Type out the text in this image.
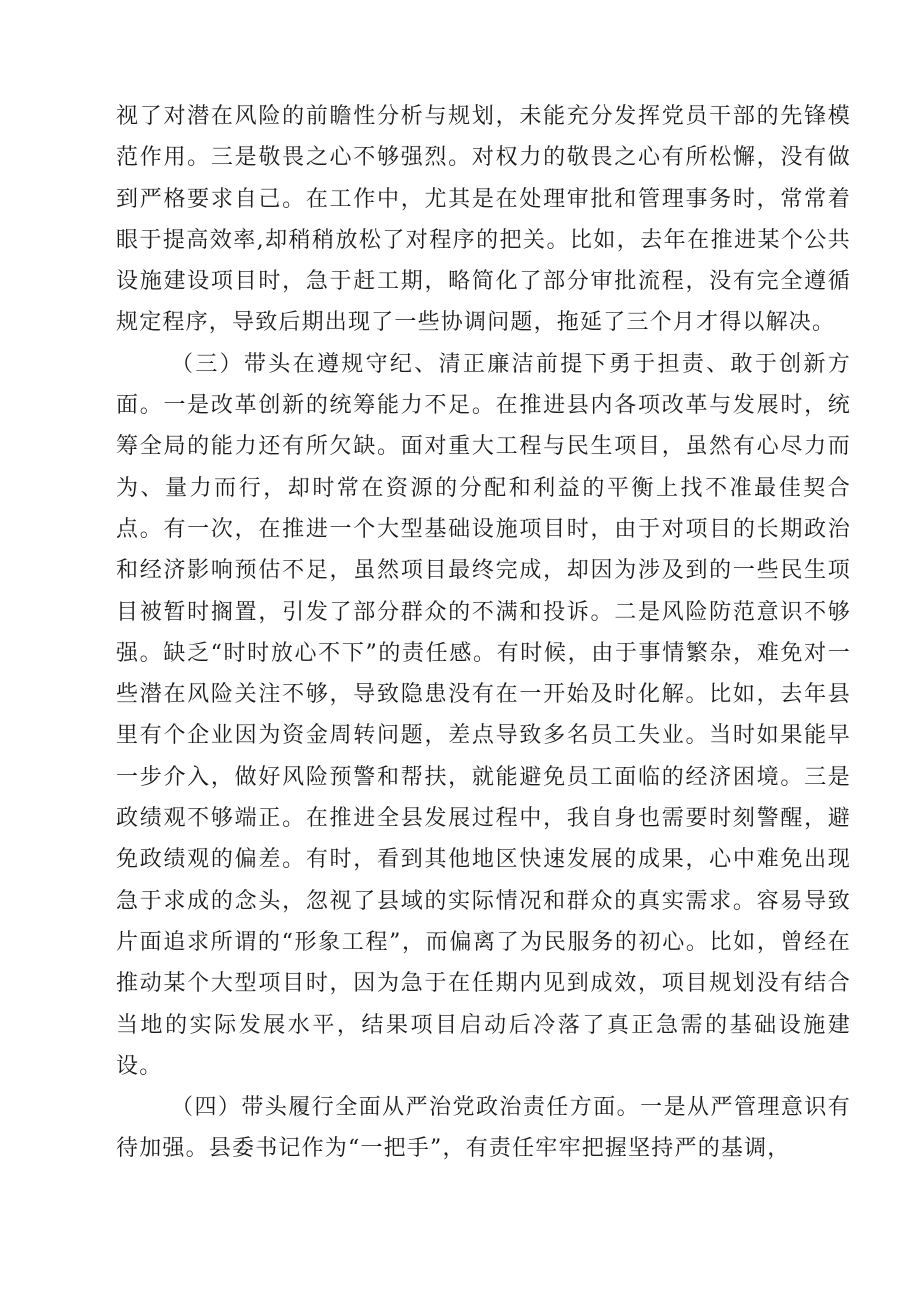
视了对潜在风险的前瞻性分析与规划，未能充分发挥党员干部的先锋模范作用。三是敬畏之心不够强烈。对权力的敬畏之心有所松懈，没有做到严格要求自己。在工作中，尤其是在处理审批和管理事务时，常常着眼于提高效率,却稍稍放松了对程序的把关。比如，去年在推进某个公共设施建设项目时，急于赶工期，略简化了部分审批流程，没有完全遵循规定程序，导致后期出现了一些协调问题，拖延了三个月才得以解决。

（三）带头在遵规守纪、清正廉洁前提下勇于担责、敢于创新方面。一是改革创新的统筹能力不足。在推进县内各项改革与发展时，统筹全局的能力还有所欠缺。面对重大工程与民生项目，虽然有心尽力而为、量力而行，却时常在资源的分配和利益的平衡上找不准最佳契合点。有一次，在推进一个大型基础设施项目时，由于对项目的长期政治和经济影响预估不足，虽然项目最终完成，却因为涉及到的一些民生项目被暂时搁置，引发了部分群众的不满和投诉。二是风险防范意识不够强。缺乏“时时放心不下”的责任感。有时候，由于事情繁杂，难免对一些潜在风险关注不够，导致隐患没有在一开始及时化解。比如，去年县里有个企业因为资金周转问题，差点导致多名员工失业。当时如果能早一步介入，做好风险预警和帮扶，就能避免员工面临的经济困境。三是政绩观不够端正。在推进全县发展过程中，我自身也需要时刻警醒，避免政绩观的偏差。有时，看到其他地区快速发展的成果，心中难免出现急于求成的念头，忽视了县域的实际情况和群众的真实需求。容易导致片面追求所谓的“形象工程”，而偏离了为民服务的初心。比如，曾经在推动某个大型项目时，因为急于在任期内见到成效，项目规划没有结合当地的实际发展水平，结果项目启动后冷落了真正急需的基础设施建设。

（四）带头履行全面从严治党政治责任方面。一是从严管理意识有待加强。县委书记作为“一把手”，有责任牢牢把握坚持严的基调，
